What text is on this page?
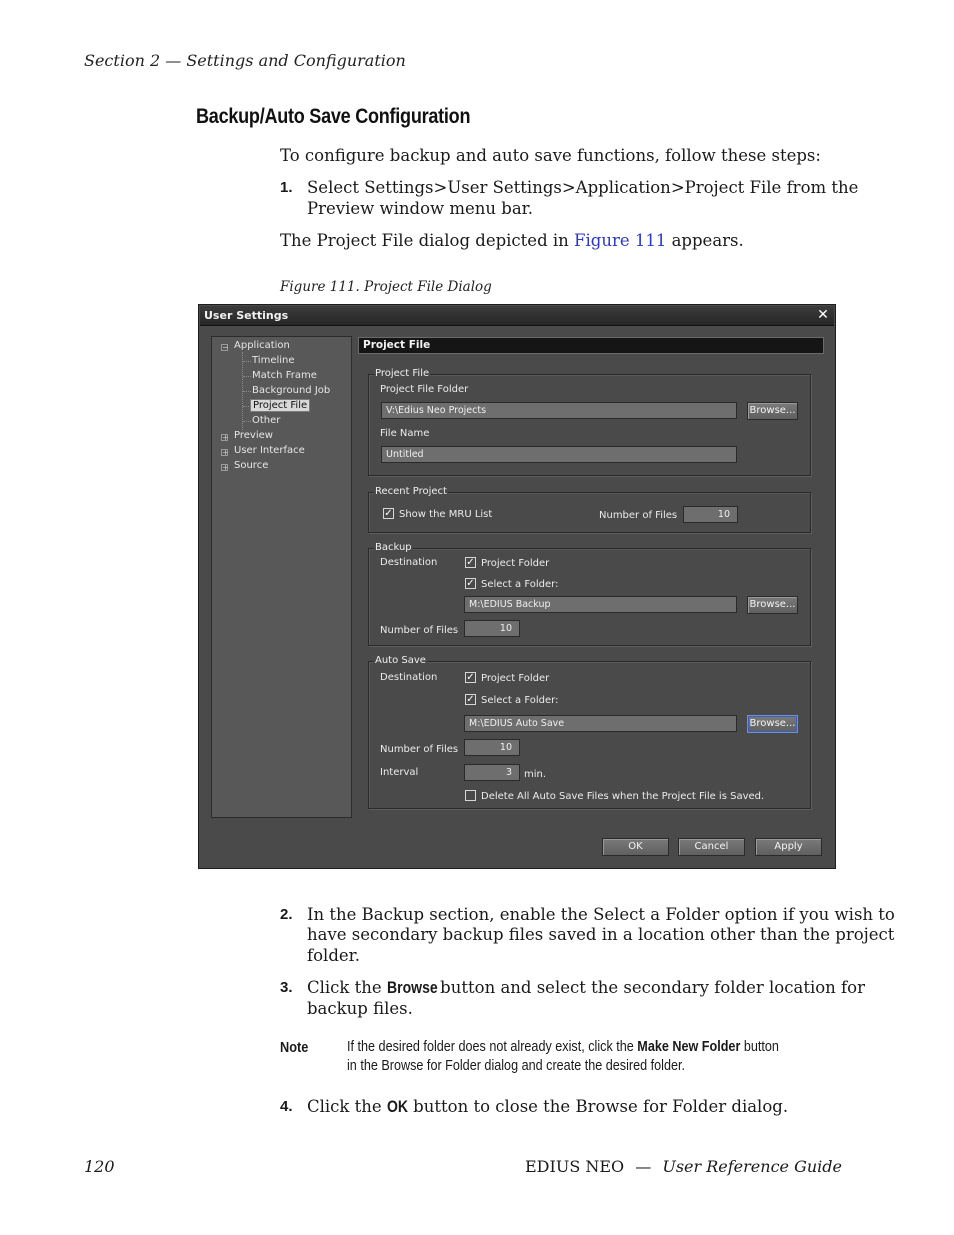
Section 2 — Settings and Configuration
Backup/Auto Save Configuration
To configure backup and auto save functions, follow these steps:
1. Select Settings>User Settings>Application>Project File from the
Preview window menu bar.
The Project File dialog depicted in Figure 111 appears.
Figure 111. Project File Dialog
User Settings	✕
− Application
Timeline
Match Frame
Background Job
Project File
Other
+ Preview
+ User Interface
+ Source
Project File
Project File
Project File Folder
V:\Edius Neo Projects	Browse...
File Name
Untitled
Recent Project
✓ Show the MRU List	Number of Files	10
Backup
Destination	✓ Project Folder
✓ Select a Folder:
M:\EDIUS Backup	Browse...
Number of Files	10
Auto Save
Destination	✓ Project Folder
✓ Select a Folder:
M:\EDIUS Auto Save	Browse...
Number of Files	10
Interval	3	min.
Delete All Auto Save Files when the Project File is Saved.
OK	Cancel	Apply
2. In the Backup section, enable the Select a Folder option if you wish to
have secondary backup files saved in a location other than the project
folder.
3. Click the Browse button and select the secondary folder location for
backup files.
Note	If the desired folder does not already exist, click the Make New Folder button
in the Browse for Folder dialog and create the desired folder.
4. Click the OK button to close the Browse for Folder dialog.
120	EDIUS NEO — User Reference Guide
